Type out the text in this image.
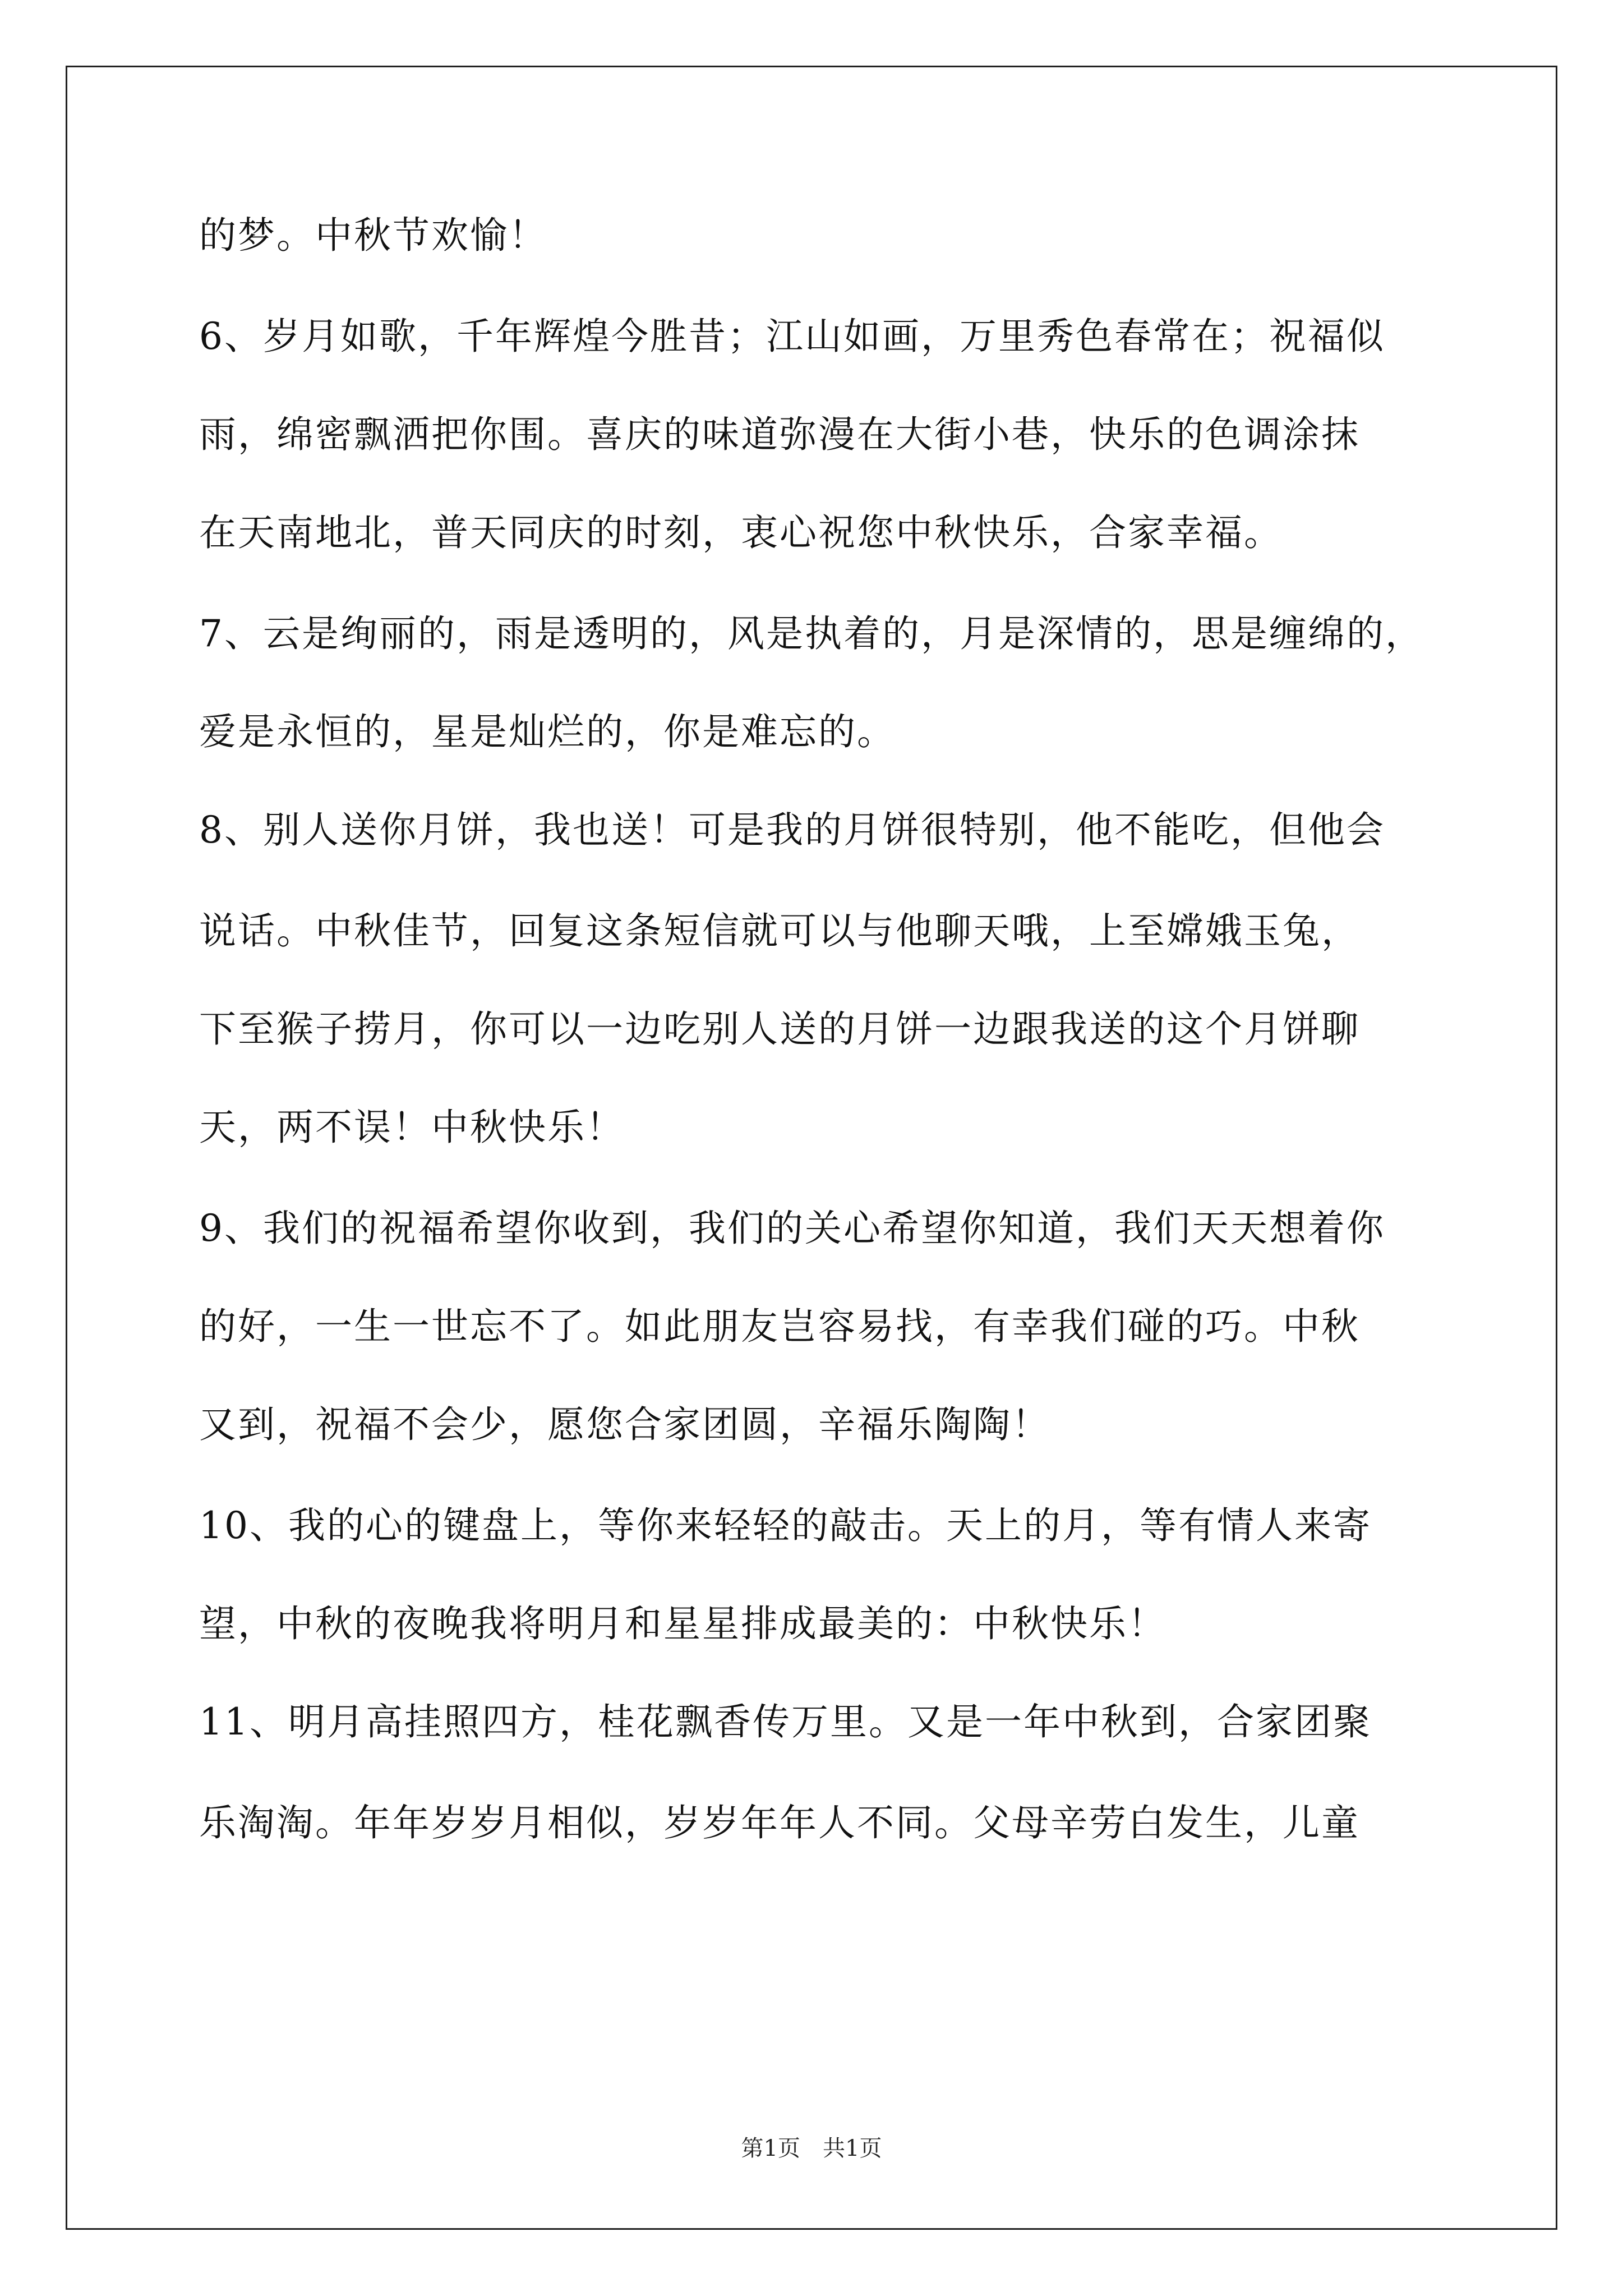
的梦。中秋节欢愉！
6、岁月如歌，千年辉煌今胜昔；江山如画，万里秀色春常在；祝福似
雨，绵密飘洒把你围。喜庆的味道弥漫在大街小巷，快乐的色调涂抹
在天南地北，普天同庆的时刻，衷心祝您中秋快乐，合家幸福。
7、云是绚丽的，雨是透明的，风是执着的，月是深情的，思是缠绵的，
爱是永恒的，星是灿烂的，你是难忘的。
8、别人送你月饼，我也送！可是我的月饼很特别，他不能吃，但他会
说话。中秋佳节，回复这条短信就可以与他聊天哦，上至嫦娥玉兔，
下至猴子捞月，你可以一边吃别人送的月饼一边跟我送的这个月饼聊
天，两不误！中秋快乐！
9、我们的祝福希望你收到，我们的关心希望你知道，我们天天想着你
的好，一生一世忘不了。如此朋友岂容易找，有幸我们碰的巧。中秋
又到，祝福不会少，愿您合家团圆，辛福乐陶陶！
10、我的心的键盘上，等你来轻轻的敲击。天上的月，等有情人来寄
望，中秋的夜晚我将明月和星星排成最美的：中秋快乐！
11、明月高挂照四方，桂花飘香传万里。又是一年中秋到，合家团聚
乐淘淘。年年岁岁月相似，岁岁年年人不同。父母辛劳白发生，儿童
第1页　共1页
